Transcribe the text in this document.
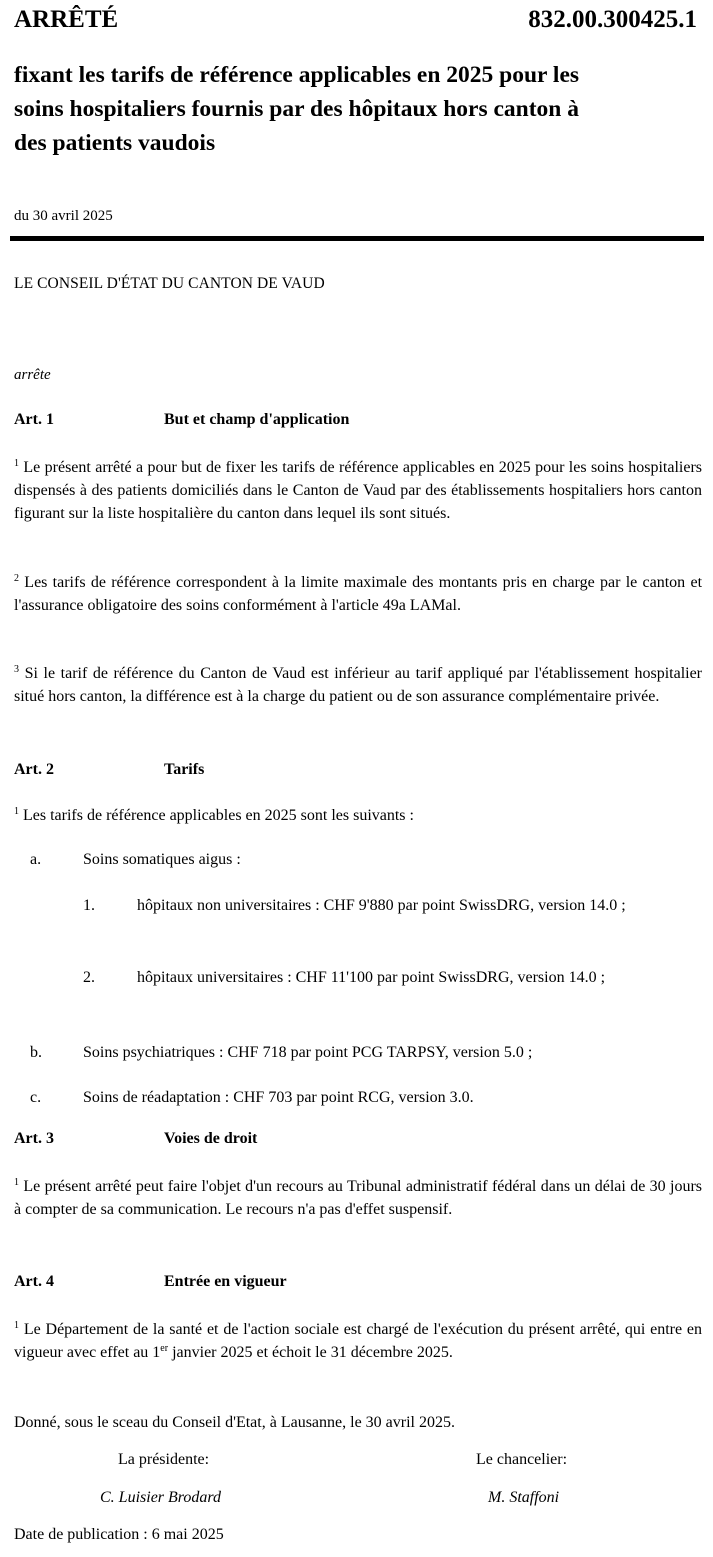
ARRÊTÉ	832.00.300425.1
fixant les tarifs de référence applicables en 2025 pour les
soins hospitaliers fournis par des hôpitaux hors canton à
des patients vaudois
du 30 avril 2025
LE CONSEIL D'ÉTAT DU CANTON DE VAUD
arrête
Art. 1	But et champ d'application
$^1$ Le présent arrêté a pour but de fixer les tarifs de référence applicables en 2025 pour les soins hospitaliers dispensés à des patients domiciliés dans le Canton de Vaud par des établissements hospitaliers hors canton figurant sur la liste hospitalière du canton dans lequel ils sont situés.
$^2$ Les tarifs de référence correspondent à la limite maximale des montants pris en charge par le canton et l'assurance obligatoire des soins conformément à l'article 49a LAMal.
$^3$ Si le tarif de référence du Canton de Vaud est inférieur au tarif appliqué par l'établissement hospitalier situé hors canton, la différence est à la charge du patient ou de son assurance complémentaire privée.
Art. 2	Tarifs
$^1$ Les tarifs de référence applicables en 2025 sont les suivants :
a.	Soins somatiques aigus :
1.	hôpitaux non universitaires : CHF 9'880 par point SwissDRG, version 14.0 ;
2.	hôpitaux universitaires : CHF 11'100 par point SwissDRG, version 14.0 ;
b.	Soins psychiatriques : CHF 718 par point PCG TARPSY, version 5.0 ;
c.	Soins de réadaptation : CHF 703 par point RCG, version 3.0.
Art. 3	Voies de droit
$^1$ Le présent arrêté peut faire l'objet d'un recours au Tribunal administratif fédéral dans un délai de 30 jours à compter de sa communication. Le recours n'a pas d'effet suspensif.
Art. 4	Entrée en vigueur
$^1$ Le Département de la santé et de l'action sociale est chargé de l'exécution du présent arrêté, qui entre en vigueur avec effet au 1er janvier 2025 et échoit le 31 décembre 2025.
Donné, sous le sceau du Conseil d'Etat, à Lausanne, le 30 avril 2025.
La présidente:	Le chancelier:
C. Luisier Brodard	M. Staffoni
Date de publication : 6 mai 2025
